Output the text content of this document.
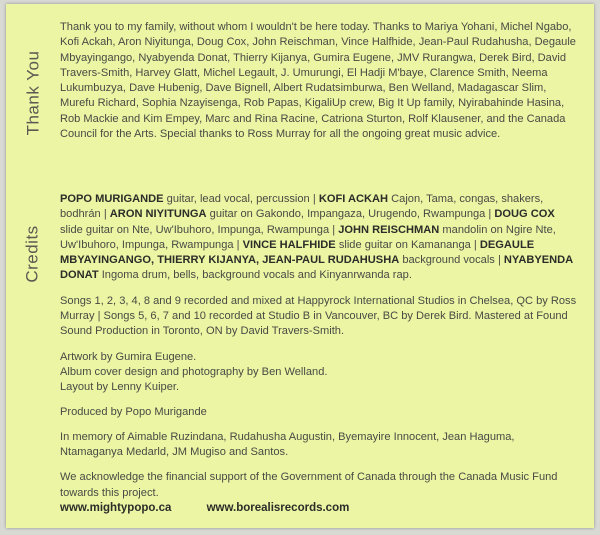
Thank You
Credits
Thank you to my family, without whom I wouldn't be here today. Thanks to Mariya Yohani, Michel Ngabo, Kofi Ackah, Aron Niyitunga, Doug Cox, John Reischman, Vince Halfhide, Jean-Paul Rudahusha, Degaule Mbyayingango, Nyabyenda Donat, Thierry Kijanya, Gumira Eugene, JMV Rurangwa, Derek Bird, David Travers-Smith, Harvey Glatt, Michel Legault, J. Umurungi, El Hadji M'baye, Clarence Smith, Neema Lukumbuzya, Dave Hubenig, Dave Bignell, Albert Rudatsimburwa, Ben Welland, Madagascar Slim, Murefu Richard, Sophia Nzayisenga, Rob Papas, KigaliUp crew, Big It Up family, Nyirabahinde Hasina, Rob Mackie and Kim Empey, Marc and Rina Racine, Catriona Sturton, Rolf Klausener, and the Canada Council for the Arts. Special thanks to Ross Murray for all the ongoing great music advice.

POPO MURIGANDE guitar, lead vocal, percussion | KOFI ACKAH Cajon, Tama, congas, shakers, bodhrán | ARON NIYITUNGA guitar on Gakondo, Impangaza, Urugendo, Rwampunga | DOUG COX slide guitar on Nte, Uw'Ibuhoro, Impunga, Rwampunga | JOHN REISCHMAN mandolin on Ngire Nte, Uw'Ibuhoro, Impunga, Rwampunga | VINCE HALFHIDE slide guitar on Kamananga | DEGAULE MBYAYINGANGO, THIERRY KIJANYA, JEAN-PAUL RUDAHUSHA background vocals | NYABYENDA DONAT Ingoma drum, bells, background vocals and Kinyanrwanda rap.

Songs 1, 2, 3, 4, 8 and 9 recorded and mixed at Happyrock International Studios in Chelsea, QC by Ross Murray | Songs 5, 6, 7 and 10 recorded at Studio B in Vancouver, BC by Derek Bird. Mastered at Found Sound Production in Toronto, ON by David Travers-Smith.

Artwork by Gumira Eugene.
Album cover design and photography by Ben Welland.
Layout by Lenny Kuiper.

Produced by Popo Murigande

In memory of Aimable Ruzindana, Rudahusha Augustin, Byemayire Innocent, Jean Haguma, Ntamaganya Medarld, JM Mugiso and Santos.

We acknowledge the financial support of the Government of Canada through the Canada Music Fund towards this project.

www.mightypopo.ca	www.borealisrecords.com
